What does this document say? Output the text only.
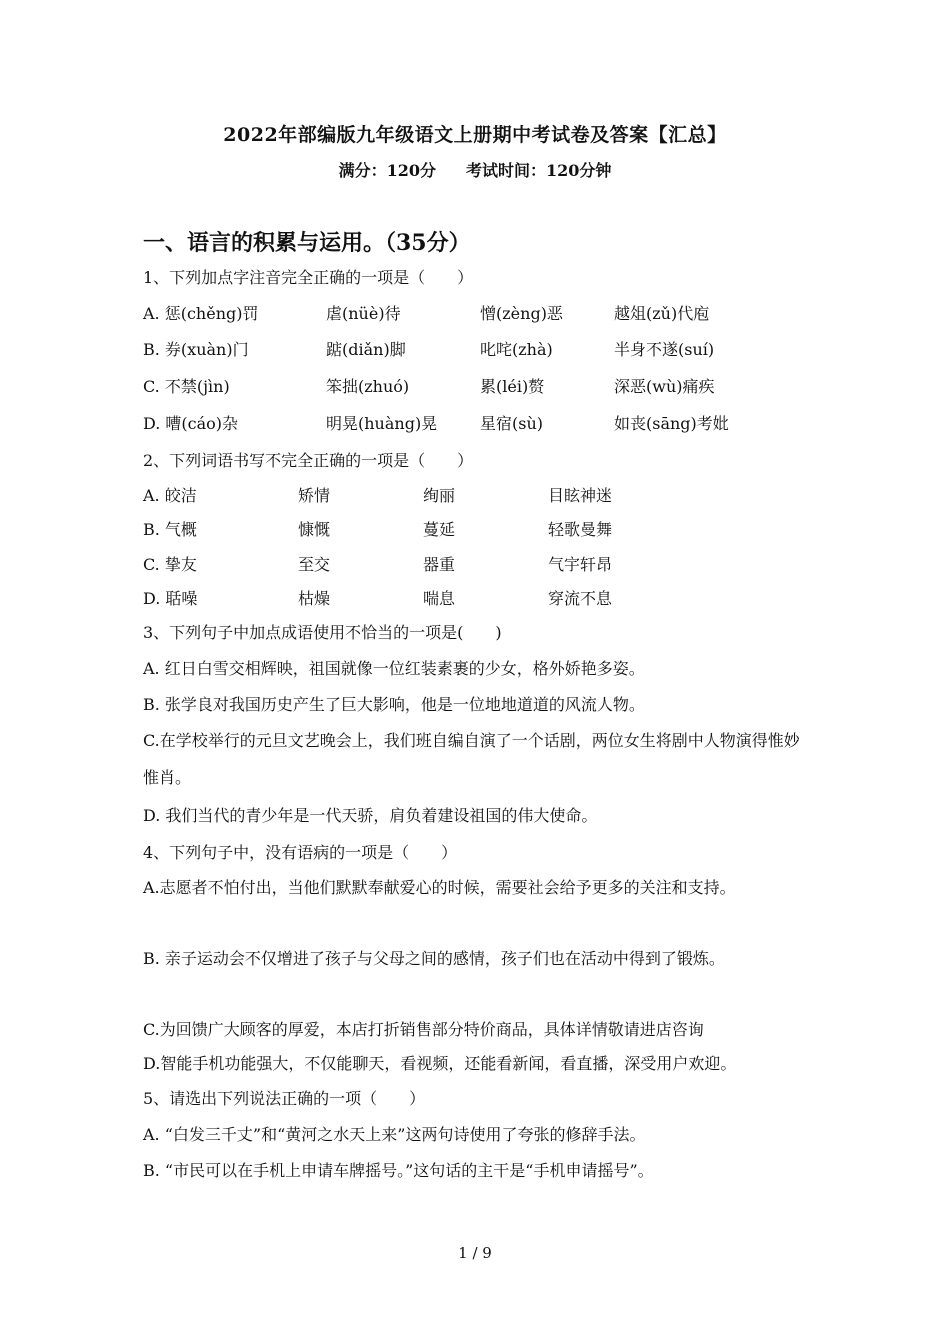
2022年部编版九年级语文上册期中考试卷及答案【汇总】
满分：120分 考试时间：120分钟
一、语言的积累与运用。（35分）
1、下列加点字注音完全正确的一项是（　　）
A. 惩(chěng)罚	虐(nüè)待	憎(zèng)恶	越俎(zǔ)代庖
B. 券(xuàn)门	踮(diǎn)脚	叱咤(zhà)	半身不遂(suí)
C. 不禁(jìn)	笨拙(zhuó)	累(léi)赘	深恶(wù)痛疾
D. 嘈(cáo)杂	明晃(huàng)晃	星宿(sù)	如丧(sāng)考妣
2、下列词语书写不完全正确的一项是（　　）
A. 皎洁	矫情	绚丽	目眩神迷
B. 气概	慷慨	蔓延	轻歌曼舞
C. 挚友	至交	器重	气宇轩昂
D. 聒噪	枯燥	喘息	穿流不息
3、下列句子中加点成语使用不恰当的一项是(　　)
A. 红日白雪交相辉映，祖国就像一位红装素裹的少女，格外娇艳多姿。
B. 张学良对我国历史产生了巨大影响，他是一位地地道道的风流人物。
C.在学校举行的元旦文艺晚会上，我们班自编自演了一个话剧，两位女生将剧中人物演得惟妙惟肖。
D. 我们当代的青少年是一代天骄，肩负着建设祖国的伟大使命。
4、下列句子中，没有语病的一项是（　　）
A.志愿者不怕付出，当他们默默奉献爱心的时候，需要社会给予更多的关注和支持。
B. 亲子运动会不仅增进了孩子与父母之间的感情，孩子们也在活动中得到了锻炼。
C.为回馈广大顾客的厚爱，本店打折销售部分特价商品，具体详情敬请进店咨询
D.智能手机功能强大，不仅能聊天，看视频，还能看新闻，看直播，深受用户欢迎。
5、请选出下列说法正确的一项（　　）
A. “白发三千丈”和“黄河之水天上来”这两句诗使用了夸张的修辞手法。
B. “市民可以在手机上申请车牌摇号。”这句话的主干是“手机申请摇号”。
1 / 9
